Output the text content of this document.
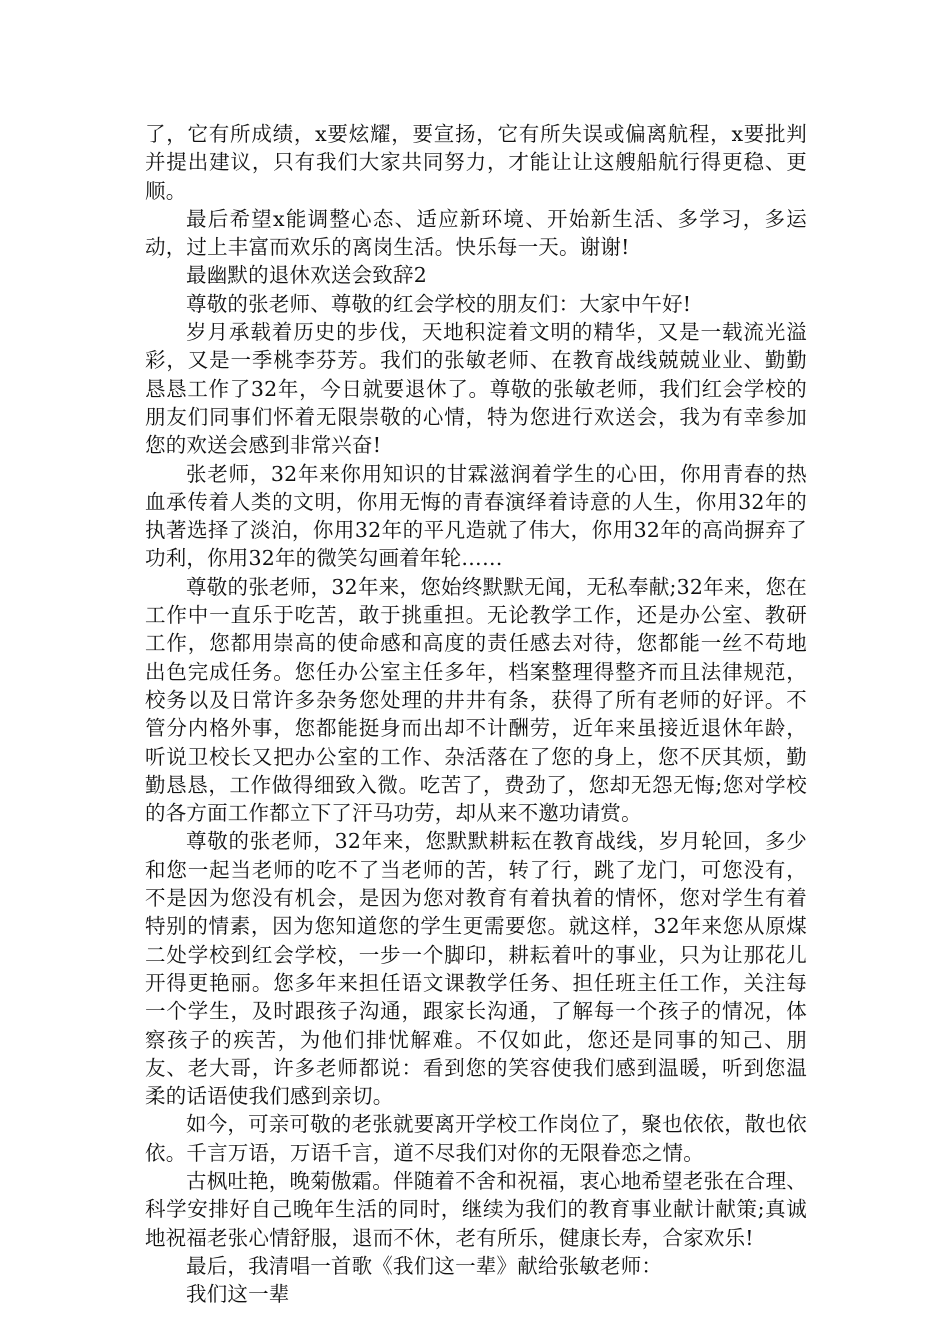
了，它有所成绩，x要炫耀，要宣扬，它有所失误或偏离航程，x要批判并提出建议，只有我们大家共同努力，才能让让这艘船航行得更稳、更顺。

最后希望x能调整心态、适应新环境、开始新生活、多学习，多运动，过上丰富而欢乐的离岗生活。快乐每一天。谢谢!

最幽默的退休欢送会致辞2

尊敬的张老师、尊敬的红会学校的朋友们：大家中午好!

岁月承载着历史的步伐，天地积淀着文明的精华，又是一载流光溢彩，又是一季桃李芬芳。我们的张敏老师、在教育战线兢兢业业、勤勤恳恳工作了32年，今日就要退休了。尊敬的张敏老师，我们红会学校的朋友们同事们怀着无限崇敬的心情，特为您进行欢送会，我为有幸参加您的欢送会感到非常兴奋!

张老师，32年来你用知识的甘霖滋润着学生的心田，你用青春的热血承传着人类的文明，你用无悔的青春演绎着诗意的人生，你用32年的执著选择了淡泊，你用32年的平凡造就了伟大，你用32年的高尚摒弃了功利，你用32年的微笑勾画着年轮……

尊敬的张老师，32年来，您始终默默无闻，无私奉献;32年来，您在工作中一直乐于吃苦，敢于挑重担。无论教学工作，还是办公室、教研工作，您都用崇高的使命感和高度的责任感去对待，您都能一丝不苟地出色完成任务。您任办公室主任多年，档案整理得整齐而且法律规范，校务以及日常许多杂务您处理的井井有条，获得了所有老师的好评。不管分内格外事，您都能挺身而出却不计酬劳，近年来虽接近退休年龄，听说卫校长又把办公室的工作、杂活落在了您的身上，您不厌其烦，勤勤恳恳，工作做得细致入微。吃苦了，费劲了，您却无怨无悔;您对学校的各方面工作都立下了汗马功劳，却从来不邀功请赏。

尊敬的张老师，32年来，您默默耕耘在教育战线，岁月轮回，多少和您一起当老师的吃不了当老师的苦，转了行，跳了龙门，可您没有，不是因为您没有机会，是因为您对教育有着执着的情怀，您对学生有着特别的情素，因为您知道您的学生更需要您。就这样，32年来您从原煤二处学校到红会学校，一步一个脚印，耕耘着叶的事业，只为让那花儿开得更艳丽。您多年来担任语文课教学任务、担任班主任工作，关注每一个学生，及时跟孩子沟通，跟家长沟通，了解每一个孩子的情况，体察孩子的疾苦，为他们排忧解难。不仅如此，您还是同事的知己、朋友、老大哥，许多老师都说：看到您的笑容使我们感到温暖，听到您温柔的话语使我们感到亲切。

如今，可亲可敬的老张就要离开学校工作岗位了，聚也依依，散也依依。千言万语，万语千言，道不尽我们对你的无限眷恋之情。

古枫吐艳，晚菊傲霜。伴随着不舍和祝福，衷心地希望老张在合理、科学安排好自己晚年生活的同时，继续为我们的教育事业献计献策;真诚地祝福老张心情舒服，退而不休，老有所乐，健康长寿，合家欢乐!

最后，我清唱一首歌《我们这一辈》献给张敏老师：

我们这一辈
